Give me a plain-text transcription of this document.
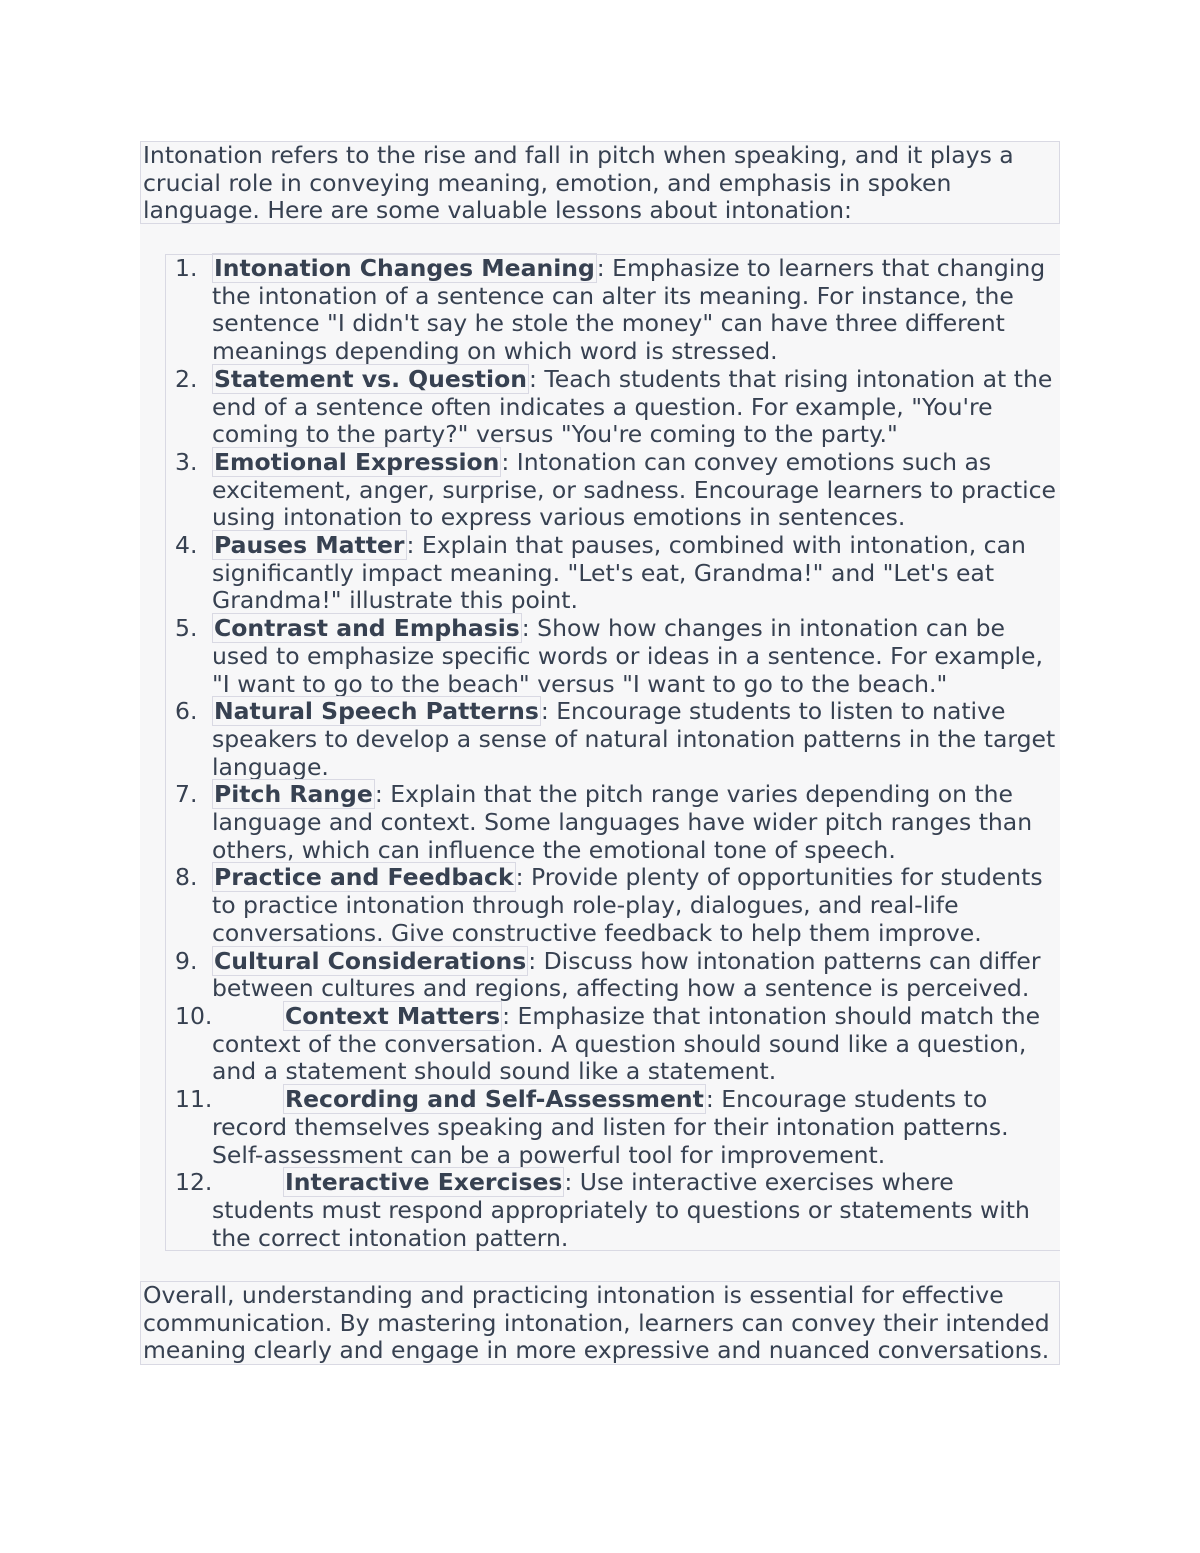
Intonation refers to the rise and fall in pitch when speaking, and it plays a crucial role in conveying meaning, emotion, and emphasis in spoken language. Here are some valuable lessons about intonation:

1. Intonation Changes Meaning: Emphasize to learners that changing the intonation of a sentence can alter its meaning. For instance, the sentence "I didn't say he stole the money" can have three different meanings depending on which word is stressed.
2. Statement vs. Question: Teach students that rising intonation at the end of a sentence often indicates a question. For example, "You're coming to the party?" versus "You're coming to the party."
3. Emotional Expression: Intonation can convey emotions such as excitement, anger, surprise, or sadness. Encourage learners to practice using intonation to express various emotions in sentences.
4. Pauses Matter: Explain that pauses, combined with intonation, can significantly impact meaning. "Let's eat, Grandma!" and "Let's eat Grandma!" illustrate this point.
5. Contrast and Emphasis: Show how changes in intonation can be used to emphasize specific words or ideas in a sentence. For example, "I want to go to the beach" versus "I want to go to the beach."
6. Natural Speech Patterns: Encourage students to listen to native speakers to develop a sense of natural intonation patterns in the target language.
7. Pitch Range: Explain that the pitch range varies depending on the language and context. Some languages have wider pitch ranges than others, which can influence the emotional tone of speech.
8. Practice and Feedback: Provide plenty of opportunities for students to practice intonation through role-play, dialogues, and real-life conversations. Give constructive feedback to help them improve.
9. Cultural Considerations: Discuss how intonation patterns can differ between cultures and regions, affecting how a sentence is perceived.
10.	Context Matters: Emphasize that intonation should match the context of the conversation. A question should sound like a question, and a statement should sound like a statement.
11.	Recording and Self-Assessment: Encourage students to record themselves speaking and listen for their intonation patterns. Self-assessment can be a powerful tool for improvement.
12.	Interactive Exercises: Use interactive exercises where students must respond appropriately to questions or statements with the correct intonation pattern.

Overall, understanding and practicing intonation is essential for effective communication. By mastering intonation, learners can convey their intended meaning clearly and engage in more expressive and nuanced conversations.
